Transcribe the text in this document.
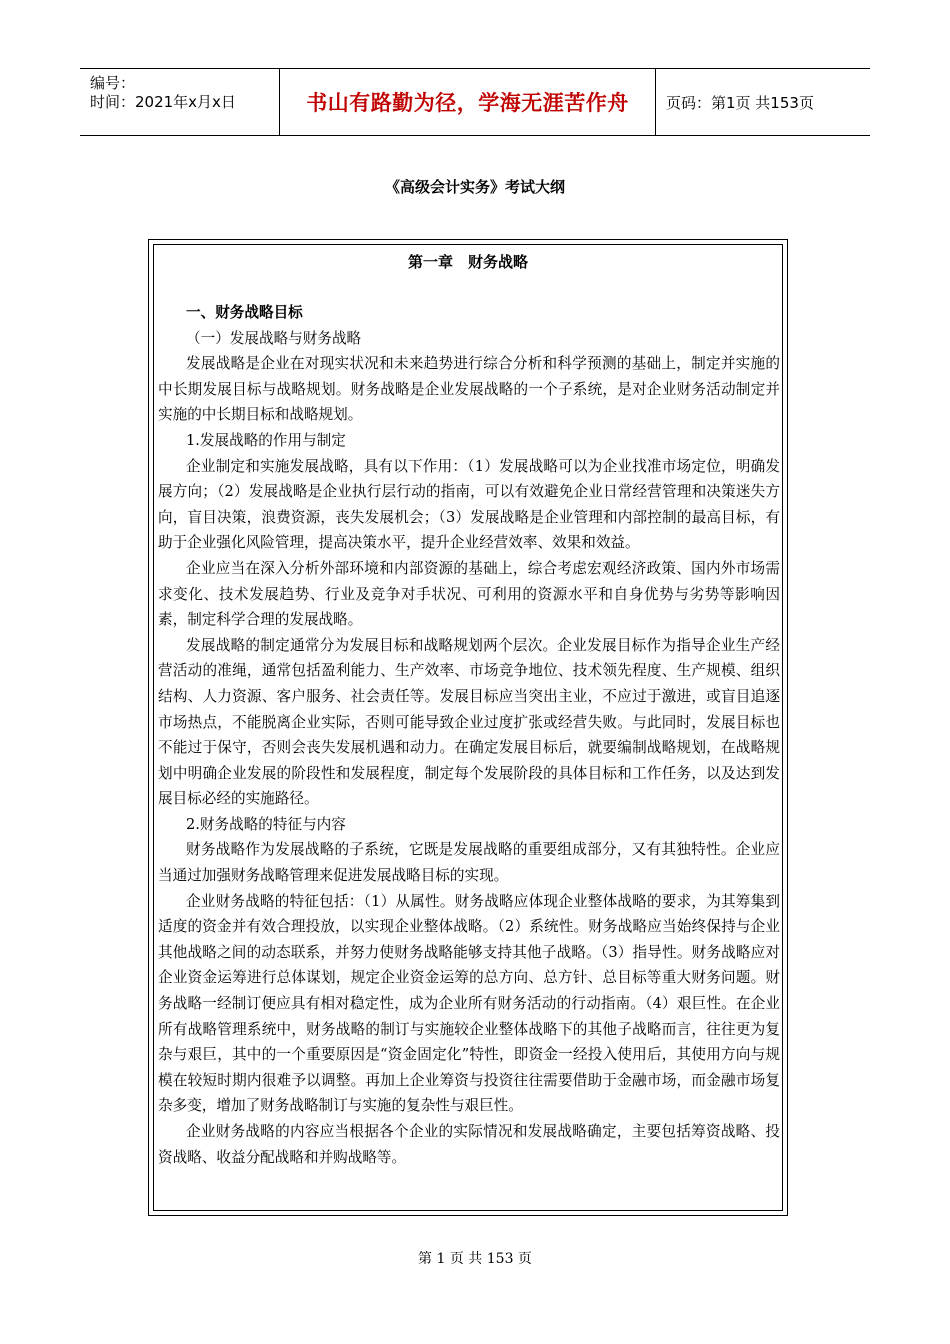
编号：
时间：2021年x月x日	书山有路勤为径，学海无涯苦作舟	页码：第1页 共153页
《高级会计实务》考试大纲
第一章　财务战略

一、财务战略目标

（一）发展战略与财务战略

发展战略是企业在对现实状况和未来趋势进行综合分析和科学预测的基础上，制定并实施的中长期发展目标与战略规划。财务战略是企业发展战略的一个子系统，是对企业财务活动制定并实施的中长期目标和战略规划。

1.发展战略的作用与制定

企业制定和实施发展战略，具有以下作用：（1）发展战略可以为企业找准市场定位，明确发展方向；（2）发展战略是企业执行层行动的指南，可以有效避免企业日常经营管理和决策迷失方向，盲目决策，浪费资源，丧失发展机会；（3）发展战略是企业管理和内部控制的最高目标，有助于企业强化风险管理，提高决策水平，提升企业经营效率、效果和效益。

企业应当在深入分析外部环境和内部资源的基础上，综合考虑宏观经济政策、国内外市场需求变化、技术发展趋势、行业及竞争对手状况、可利用的资源水平和自身优势与劣势等影响因素，制定科学合理的发展战略。

发展战略的制定通常分为发展目标和战略规划两个层次。企业发展目标作为指导企业生产经营活动的准绳，通常包括盈利能力、生产效率、市场竞争地位、技术领先程度、生产规模、组织结构、人力资源、客户服务、社会责任等。发展目标应当突出主业，不应过于激进，或盲目追逐市场热点，不能脱离企业实际，否则可能导致企业过度扩张或经营失败。与此同时，发展目标也不能过于保守，否则会丧失发展机遇和动力。在确定发展目标后，就要编制战略规划，在战略规划中明确企业发展的阶段性和发展程度，制定每个发展阶段的具体目标和工作任务，以及达到发展目标必经的实施路径。

2.财务战略的特征与内容

财务战略作为发展战略的子系统，它既是发展战略的重要组成部分，又有其独特性。企业应当通过加强财务战略管理来促进发展战略目标的实现。

企业财务战略的特征包括：（1）从属性。财务战略应体现企业整体战略的要求，为其筹集到适度的资金并有效合理投放，以实现企业整体战略。（2）系统性。财务战略应当始终保持与企业其他战略之间的动态联系，并努力使财务战略能够支持其他子战略。（3）指导性。财务战略应对企业资金运筹进行总体谋划，规定企业资金运筹的总方向、总方针、总目标等重大财务问题。财务战略一经制订便应具有相对稳定性，成为企业所有财务活动的行动指南。（4）艰巨性。在企业所有战略管理系统中，财务战略的制订与实施较企业整体战略下的其他子战略而言，往往更为复杂与艰巨，其中的一个重要原因是“资金固定化”特性，即资金一经投入使用后，其使用方向与规模在较短时期内很难予以调整。再加上企业筹资与投资往往需要借助于金融市场，而金融市场复杂多变，增加了财务战略制订与实施的复杂性与艰巨性。

企业财务战略的内容应当根据各个企业的实际情况和发展战略确定，主要包括筹资战略、投资战略、收益分配战略和并购战略等。

第 1 页 共 153 页
